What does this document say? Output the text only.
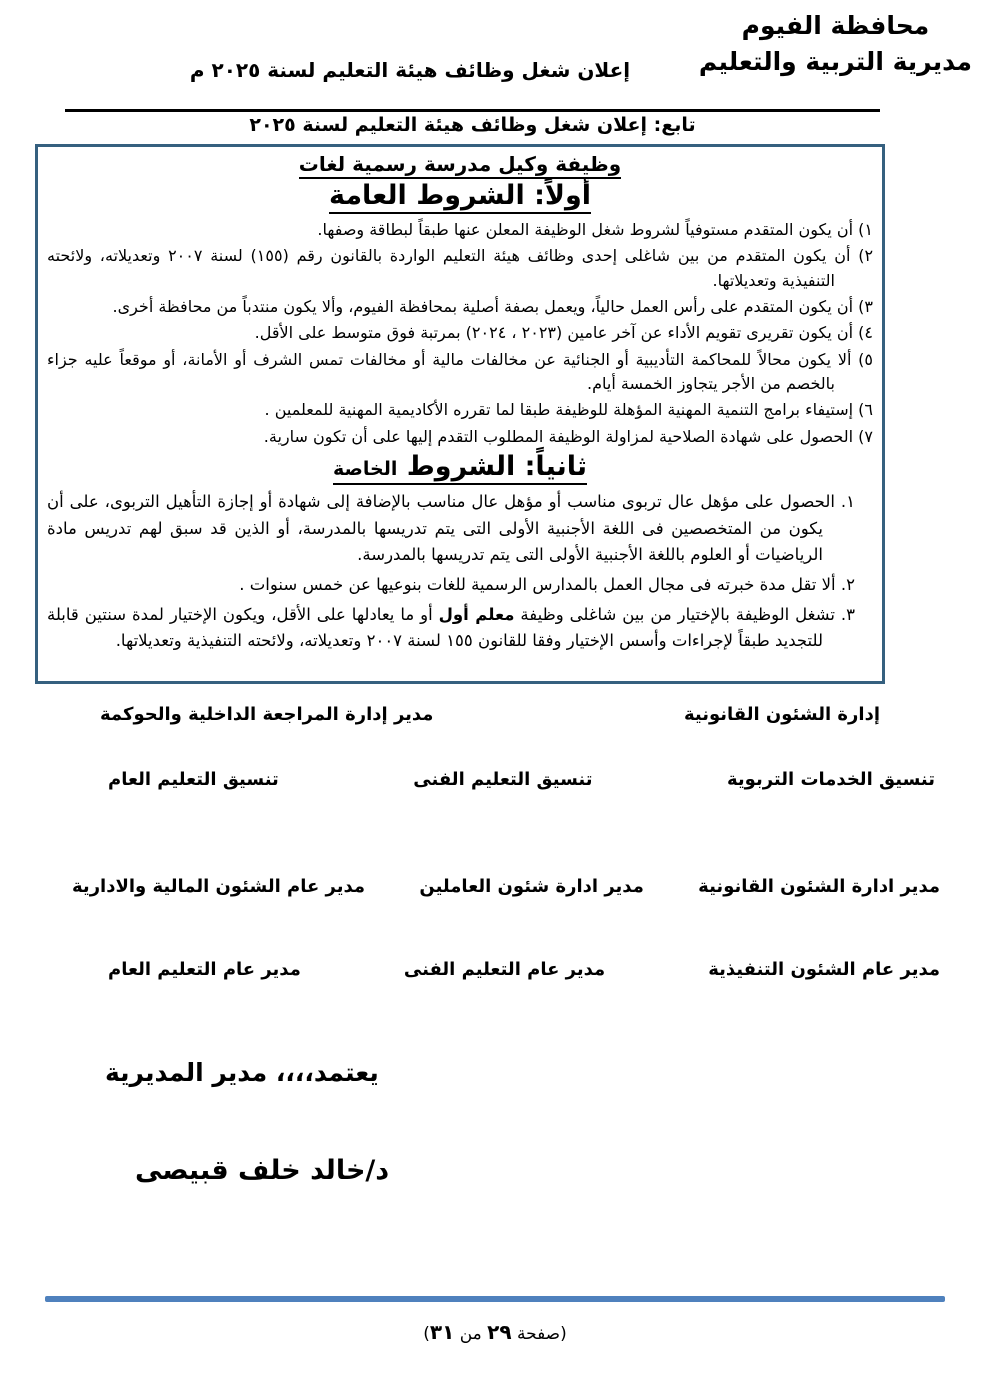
محافظة الفيوم
مديرية التربية والتعليم
إعلان شغل وظائف هيئة التعليم لسنة ٢٠٢٥ م
تابع: إعلان شغل وظائف هيئة التعليم لسنة ٢٠٢٥

وظيفة وكيل مدرسة رسمية لغات

أولاً: الشروط العامة

١) أن يكون المتقدم مستوفياً لشروط شغل الوظيفة المعلن عنها طبقاً لبطاقة وصفها.

٢) أن يكون المتقدم من بين شاغلى إحدى وظائف هيئة التعليم الواردة بالقانون رقم (١٥٥) لسنة ٢٠٠٧ وتعديلاته، ولائحته التنفيذية وتعديلاتها.

٣) أن يكون المتقدم على رأس العمل حالياً، ويعمل بصفة أصلية بمحافظة الفيوم، وألا يكون منتدباً من محافظة أخرى.

٤) أن يكون تقريرى تقويم الأداء عن آخر عامين (٢٠٢٣ ، ٢٠٢٤) بمرتبة فوق متوسط على الأقل.

٥) ألا يكون محالاً للمحاكمة التأديبية أو الجنائية عن مخالفات مالية أو مخالفات تمس الشرف أو الأمانة، أو موقعاً عليه جزاء بالخصم من الأجر يتجاوز الخمسة أيام.

٦) إستيفاء برامج التنمية المهنية المؤهلة للوظيفة طبقا لما تقرره الأكاديمية المهنية للمعلمين .

٧) الحصول على شهادة الصلاحية لمزاولة الوظيفة المطلوب التقدم إليها على أن تكون سارية.

ثانياً: الشروط الخاصة

١. الحصول على مؤهل عال تربوى مناسب أو مؤهل عال مناسب بالإضافة إلى شهادة أو إجازة التأهيل التربوى، على أن يكون من المتخصصين فى اللغة الأجنبية الأولى التى يتم تدريسها بالمدرسة، أو الذين قد سبق لهم تدريس مادة الرياضيات أو العلوم باللغة الأجنبية الأولى التى يتم تدريسها بالمدرسة.

٢. ألا تقل مدة خبرته فى مجال العمل بالمدارس الرسمية للغات بنوعيها عن خمس سنوات .

٣. تشغل الوظيفة بالإختيار من بين شاغلى وظيفة معلم أول أو ما يعادلها على الأقل، ويكون الإختيار لمدة سنتين قابلة للتجديد طبقاً لإجراءات وأسس الإختيار وفقا للقانون ١٥٥ لسنة ٢٠٠٧ وتعديلاته، ولائحته التنفيذية وتعديلاتها.

إدارة الشئون القانونية
مدير إدارة المراجعة الداخلية والحوكمة
تنسيق الخدمات التربوية
تنسيق التعليم الفنى
تنسيق التعليم العام
مدير ادارة الشئون القانونية
مدير ادارة شئون العاملين
مدير عام الشئون المالية والادارية
مدير عام الشئون التنفيذية
مدير عام التعليم الفنى
مدير عام التعليم العام
يعتمد،،،، مدير المديرية
د/خالد خلف قبيصى
(صفحة ٢٩ من ٣١)
